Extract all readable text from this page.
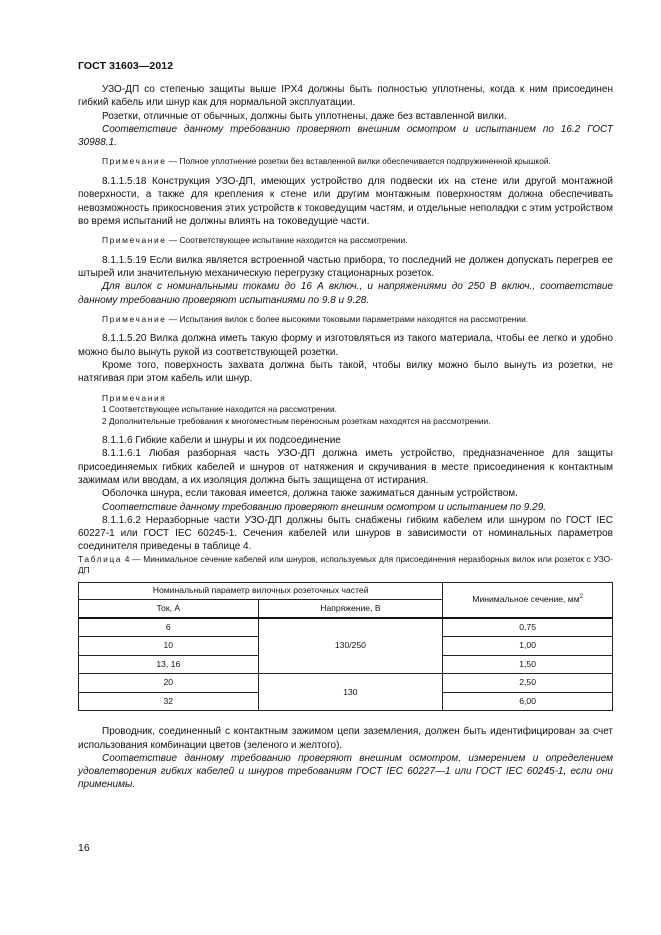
ГОСТ 31603—2012

УЗО-ДП со степенью защиты выше IPX4 должны быть полностью уплотнены, когда к ним присоединен гибкий кабель или шнур как для нормальной эксплуатации.

Розетки, отличные от обычных, должны быть уплотнены, даже без вставленной вилки.

Соответствие данному требованию проверяют внешним осмотром и испытанием по 16.2 ГОСТ 30988.1.

Примечание — Полное уплотнение розетки без вставленной вилки обеспечивается подпружиненной крышкой.

8.1.1.5.18 Конструкция УЗО-ДП, имеющих устройство для подвески их на стене или другой монтажной поверхности, а также для крепления к стене или другим монтажным поверхностям должна обеспечивать невозможность прикосновения этих устройств к токоведущим частям, и отдельные неполадки с этим устройством во время испытаний не должны влиять на токоведущие части.

Примечание — Соответствующее испытание находится на рассмотрении.

8.1.1.5.19 Если вилка является встроенной частью прибора, то последний не должен допускать перегрев ее штырей или значительную механическую перегрузку стационарных розеток.

Для вилок с номинальными токами до 16 А включ., и напряжениями до 250 В включ., соответствие данному требованию проверяют испытаниями по 9.8 и 9.28.

Примечание — Испытания вилок с более высокими токовыми параметрами находятся на рассмотрении.

8.1.1.5.20 Вилка должна иметь такую форму и изготовляться из такого материала, чтобы ее легко и удобно можно было вынуть рукой из соответствующей розетки.

Кроме того, поверхность захвата должна быть такой, чтобы вилку можно было вынуть из розетки, не натягивая при этом кабель или шнур.

Примечания

1 Соответствующее испытание находится на рассмотрении.

2 Дополнительные требования к многоместным переносным розеткам находятся на рассмотрении.

8.1.1.6 Гибкие кабели и шнуры и их подсоединение

8.1.1.6.1 Любая разборная часть УЗО-ДП должна иметь устройство, предназначенное для защиты присоединяемых гибких кабелей и шнуров от натяжения и скручивания в месте присоединения к контактным зажимам или вводам, а их изоляция должна быть защищена от истирания.

Оболочка шнура, если таковая имеется, должна также зажиматься данным устройством.

Соответствие данному требованию проверяют внешним осмотром и испытанием по 9.29.

8.1.1.6.2 Неразборные части УЗО-ДП должны быть снабжены гибким кабелем или шнуром по ГОСТ IEC 60227-1 или ГОСТ IEC 60245-1. Сечения кабелей или шнуров в зависимости от номинальных параметров соединителя приведены в таблице 4.

Таблица 4 — Минимальное сечение кабелей или шнуров, используемых для присоединения неразборных вилок или розеток с УЗО-ДП

Номинальный параметр вилочных розеточных частей		Минимальное сечение, $мм^2$
Ток, А	Напряжение, В	
6	130/250	0,75
10		1,00
13, 16		1,50
20	130	2,50
32		6,00

Проводник, соединенный с контактным зажимом цепи заземления, должен быть идентифицирован за счет использования комбинации цветов (зеленого и желтого).

Соответствие данному требованию проверяют внешним осмотром, измерением и определением удовлетворения гибких кабелей и шнуров требованиям ГОСТ IEC 60227—1 или ГОСТ IEC 60245-1, если они применимы.

16
